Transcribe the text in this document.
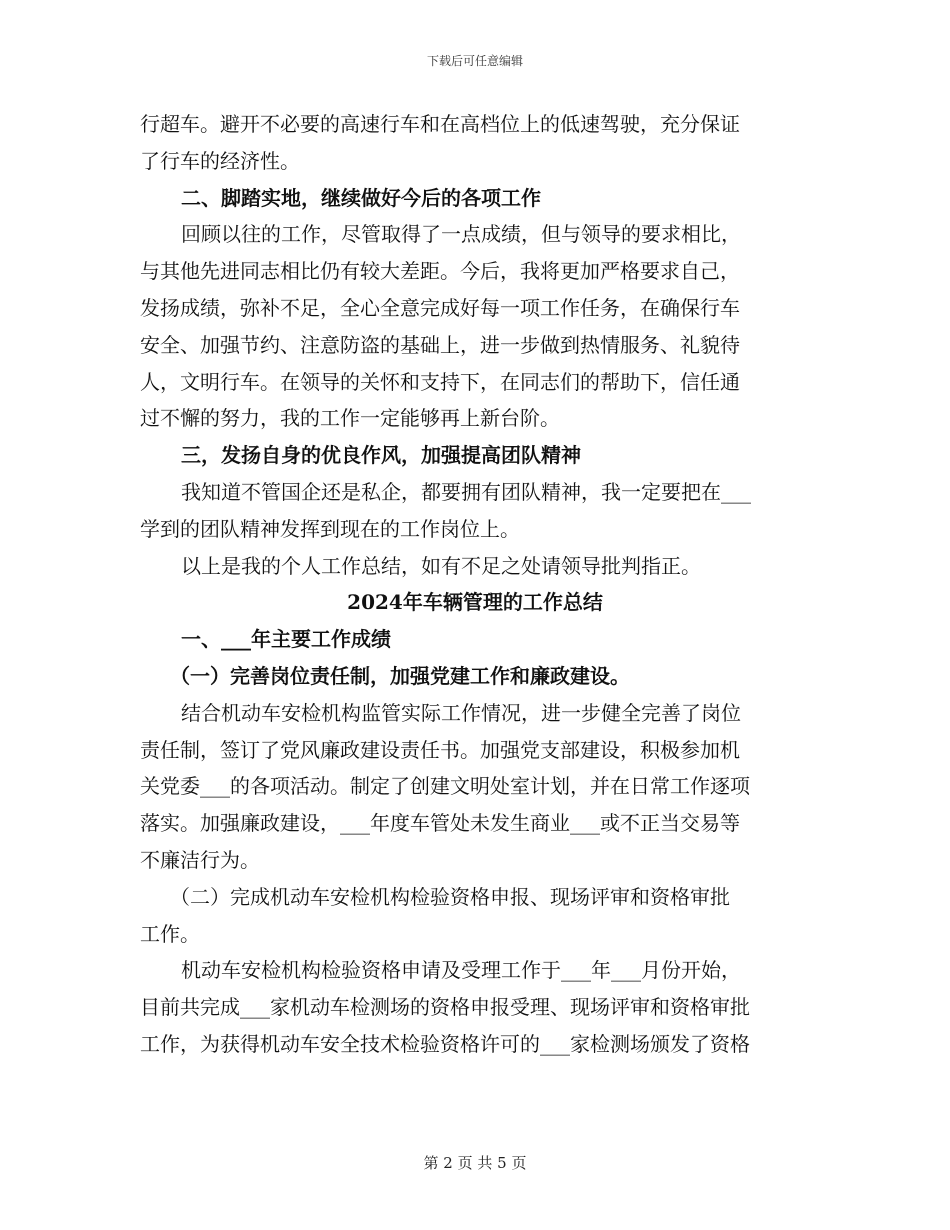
下载后可任意编辑
行超车。避开不必要的高速行车和在高档位上的低速驾驶，充分保证
了行车的经济性。
二、脚踏实地，继续做好今后的各项工作
回顾以往的工作，尽管取得了一点成绩，但与领导的要求相比，
与其他先进同志相比仍有较大差距。今后，我将更加严格要求自己，
发扬成绩，弥补不足，全心全意完成好每一项工作任务，在确保行车
安全、加强节约、注意防盗的基础上，进一步做到热情服务、礼貌待
人，文明行车。在领导的关怀和支持下，在同志们的帮助下，信任通
过不懈的努力，我的工作一定能够再上新台阶。
三，发扬自身的优良作风，加强提高团队精神
我知道不管国企还是私企，都要拥有团队精神，我一定要把在___
学到的团队精神发挥到现在的工作岗位上。
以上是我的个人工作总结，如有不足之处请领导批判指正。
2024年车辆管理的工作总结
一、___年主要工作成绩
（一）完善岗位责任制，加强党建工作和廉政建设。
结合机动车安检机构监管实际工作情况，进一步健全完善了岗位
责任制，签订了党风廉政建设责任书。加强党支部建设，积极参加机
关党委___的各项活动。制定了创建文明处室计划，并在日常工作逐项
落实。加强廉政建设，___年度车管处未发生商业___或不正当交易等
不廉洁行为。
（二）完成机动车安检机构检验资格申报、现场评审和资格审批
工作。
机动车安检机构检验资格申请及受理工作于___年___月份开始，
目前共完成___家机动车检测场的资格申报受理、现场评审和资格审批
工作，为获得机动车安全技术检验资格许可的___家检测场颁发了资格
第 2 页 共 5 页
